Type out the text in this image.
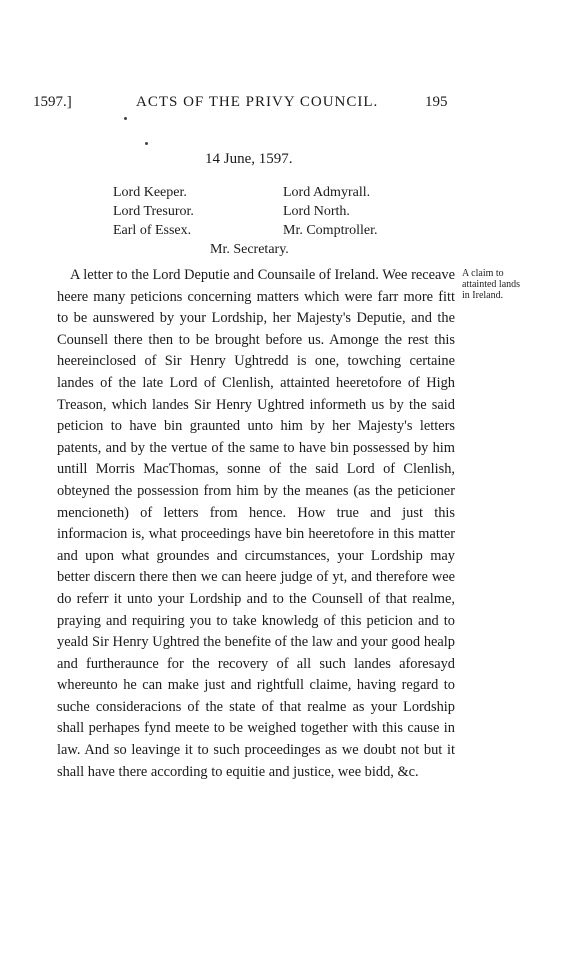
1597.]	ACTS OF THE PRIVY COUNCIL.	195
14 June, 1597.
Lord Keeper.
Lord Tresuror.
Earl of Essex.
Lord Admyrall.
Lord North.
Mr. Comptroller.
Mr. Secretary.

A letter to the Lord Deputie and Counsaile of Ireland. Wee receave heere many peticions concerning matters which were farr more fitt to be aunswered by your Lordship, her Majesty's Deputie, and the Counsell there then to be brought before us. Amonge the rest this heereinclosed of Sir Henry Ughtredd is one, towching certaine landes of the late Lord of Clenlish, attainted heeretofore of High Treason, which landes Sir Henry Ughtred informeth us by the said peticion to have bin graunted unto him by her Majesty's letters patents, and by the vertue of the same to have bin possessed by him untill Morris MacThomas, sonne of the said Lord of Clenlish, obteyned the possession from him by the meanes (as the peticioner mencioneth) of letters from hence. How true and just this informacion is, what proceedings have bin heeretofore in this matter and upon what groundes and circumstances, your Lordship may better discern there then we can heere judge of yt, and therefore wee do referr it unto your Lordship and to the Counsell of that realme, praying and requiring you to take knowledg of this peticion and to yeald Sir Henry Ughtred the benefite of the law and your good healp and furtheraunce for the recovery of all such landes aforesayd whereunto he can make just and rightfull claime, having regard to suche consideracions of the state of that realme as your Lordship shall perhapes fynd meete to be weighed together with this cause in law. And so leavinge it to such proceedinges as we doubt not but it shall have there according to equitie and justice, wee bidd, &c.

A claim to attainted lands in Ireland.
